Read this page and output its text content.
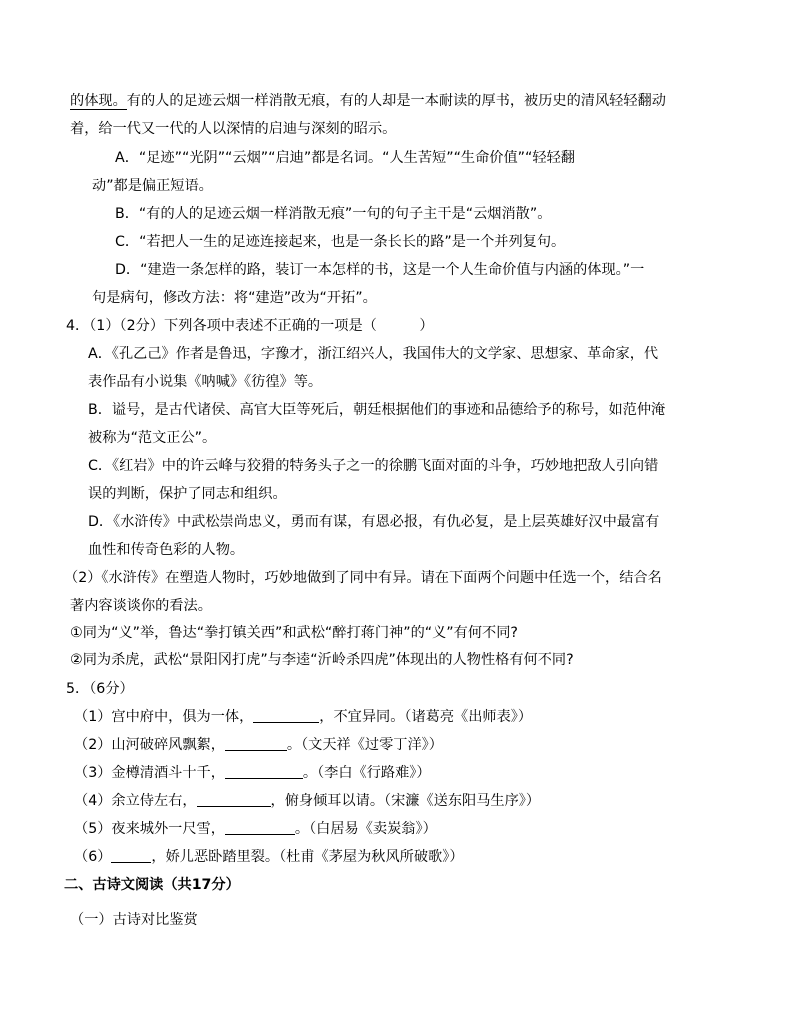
的体现。有的人的足迹云烟一样消散无痕，有的人却是一本耐读的厚书，被历史的清风轻轻翻动
着，给一代又一代的人以深情的启迪与深刻的昭示。
A．“足迹”“光阴”“云烟”“启迪”都是名词。“人生苦短”“生命价值”“轻轻翻
动”都是偏正短语。
B．“有的人的足迹云烟一样消散无痕”一句的句子主干是“云烟消散”。
C．“若把人一生的足迹连接起来，也是一条长长的路”是一个并列复句。
D．“建造一条怎样的路，装订一本怎样的书，这是一个人生命价值与内涵的体现。”一
句是病句，修改方法：将“建造”改为“开拓”。
4．（1）（2分）下列各项中表述不正确的一项是（　　　）
A．《孔乙己》作者是鲁迅，字豫才，浙江绍兴人，我国伟大的文学家、思想家、革命家，代
表作品有小说集《呐喊》《彷徨》等。
B．谥号，是古代诸侯、高官大臣等死后，朝廷根据他们的事迹和品德给予的称号，如范仲淹
被称为“范文正公”。
C．《红岩》中的许云峰与狡猾的特务头子之一的徐鹏飞面对面的斗争，巧妙地把敌人引向错
误的判断，保护了同志和组织。
D．《水浒传》中武松崇尚忠义，勇而有谋，有恩必报，有仇必复，是上层英雄好汉中最富有
血性和传奇色彩的人物。
（2）《水浒传》在塑造人物时，巧妙地做到了同中有异。请在下面两个问题中任选一个，结合名
著内容谈谈你的看法。
①同为“义”举，鲁达“拳打镇关西”和武松“醉打蒋门神”的“义”有何不同?
②同为杀虎，武松“景阳冈打虎”与李逵“沂岭杀四虎”体现出的人物性格有何不同?
5．（6分）
（1）宫中府中，俱为一体，	，不宜异同。（诸葛亮《出师表》）
（2）山河破碎风飘絮，	。（文天祥《过零丁洋》）
（3）金樽清酒斗十千，	。（李白《行路难》）
（4）余立侍左右，	，俯身倾耳以请。（宋濂《送东阳马生序》）
（5）夜来城外一尺雪，	。（白居易《卖炭翁》）
（6）	，娇儿恶卧踏里裂。（杜甫《茅屋为秋风所破歌》）
二、古诗文阅读（共17分）
（一）古诗对比鉴赏
